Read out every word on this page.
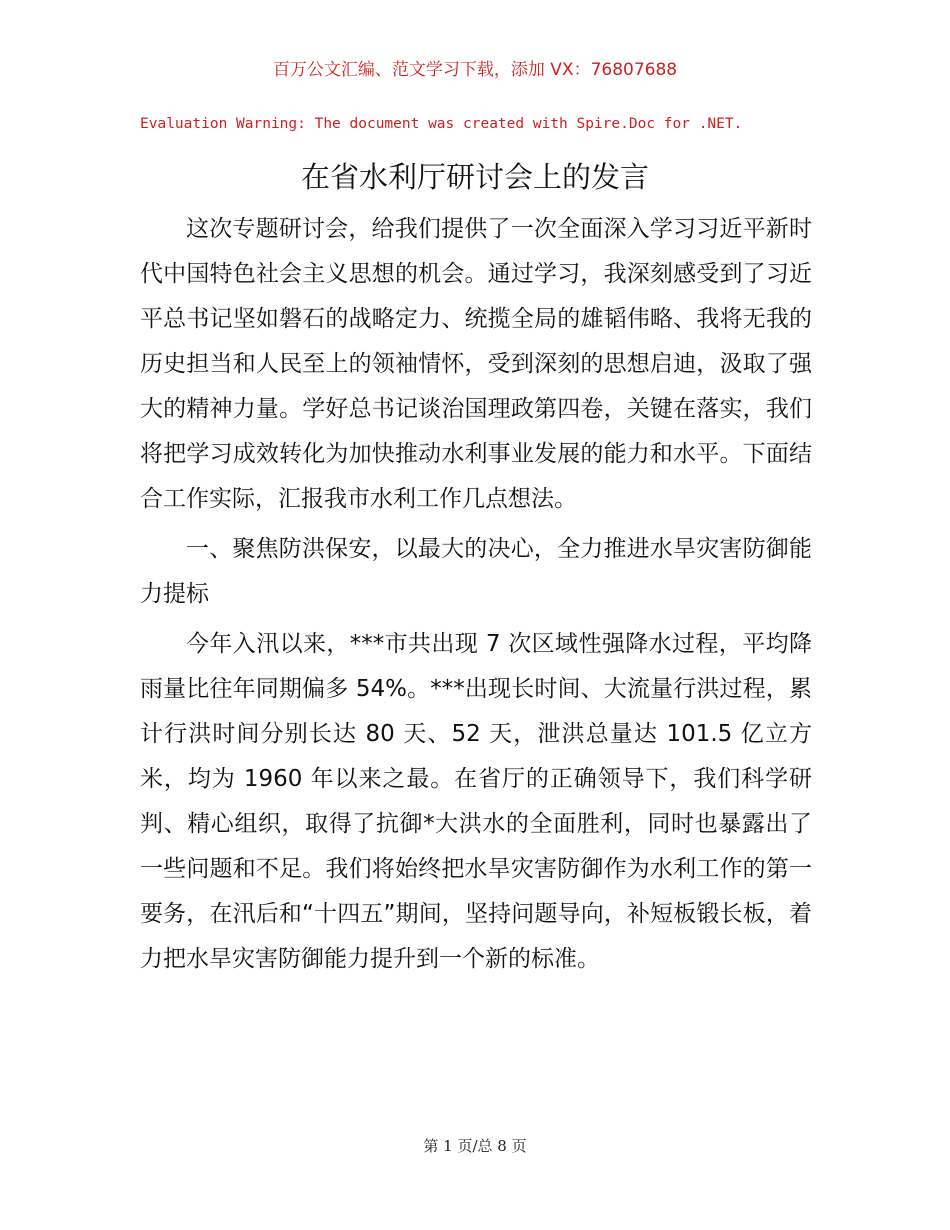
百万公文汇编、范文学习下载，添加 VX：76807688
Evaluation Warning: The document was created with Spire.Doc for .NET.
在省水利厅研讨会上的发言

这次专题研讨会，给我们提供了一次全面深入学习习近平新时代中国特色社会主义思想的机会。通过学习，我深刻感受到了习近平总书记坚如磐石的战略定力、统揽全局的雄韬伟略、我将无我的历史担当和人民至上的领袖情怀，受到深刻的思想启迪，汲取了强大的精神力量。学好总书记谈治国理政第四卷，关键在落实，我们将把学习成效转化为加快推动水利事业发展的能力和水平。下面结合工作实际，汇报我市水利工作几点想法。

一、聚焦防洪保安，以最大的决心，全力推进水旱灾害防御能力提标

今年入汛以来，***市共出现 7 次区域性强降水过程，平均降雨量比往年同期偏多 54%。***出现长时间、大流量行洪过程，累计行洪时间分别长达 80 天、52 天，泄洪总量达 101.5 亿立方米，均为 1960 年以来之最。在省厅的正确领导下，我们科学研判、精心组织，取得了抗御*大洪水的全面胜利，同时也暴露出了一些问题和不足。我们将始终把水旱灾害防御作为水利工作的第一要务，在汛后和“十四五”期间，坚持问题导向，补短板锻长板，着力把水旱灾害防御能力提升到一个新的标准。

第 1 页/总 8 页
